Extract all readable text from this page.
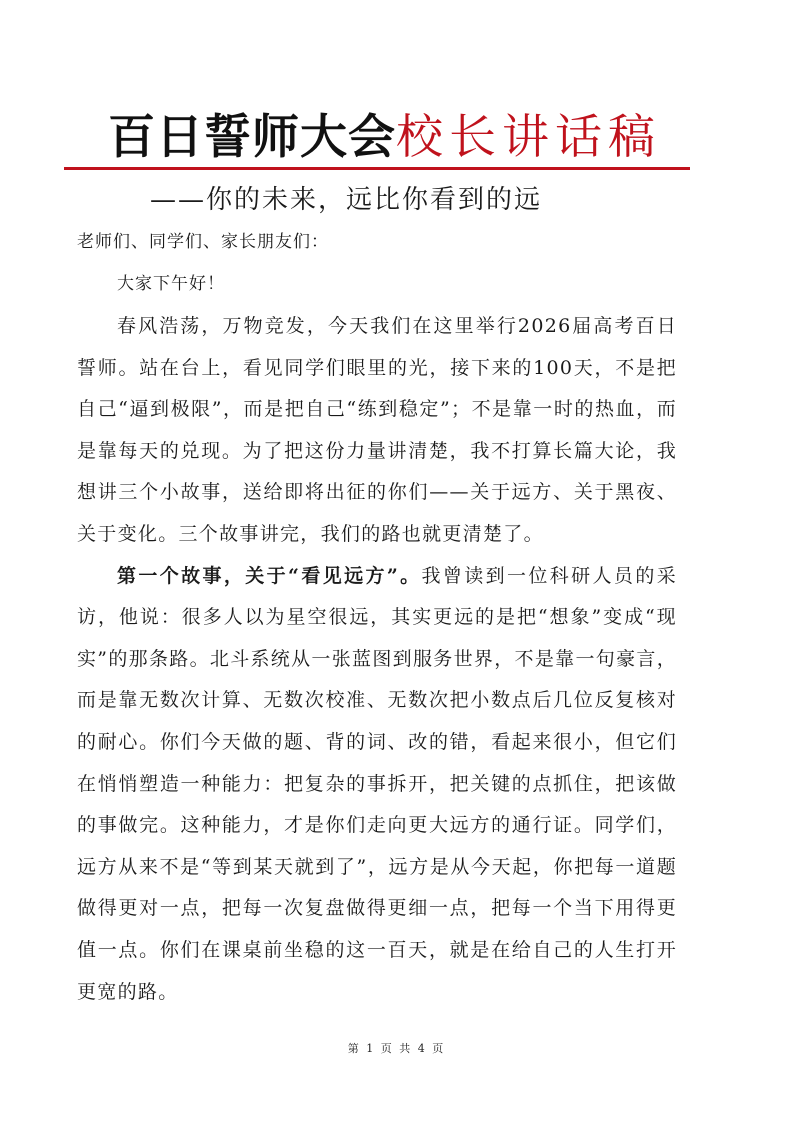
百日誓师大会校长讲话稿
——你的未来，远比你看到的远

老师们、同学们、家长朋友们：

大家下午好！

春风浩荡，万物竞发，今天我们在这里举行2026届高考百日誓师。站在台上，看见同学们眼里的光，接下来的100天，不是把自己“逼到极限”，而是把自己“练到稳定”；不是靠一时的热血，而是靠每天的兑现。为了把这份力量讲清楚，我不打算长篇大论，我想讲三个小故事，送给即将出征的你们——关于远方、关于黑夜、关于变化。三个故事讲完，我们的路也就更清楚了。

第一个故事，关于“看见远方”。我曾读到一位科研人员的采访，他说：很多人以为星空很远，其实更远的是把“想象”变成“现实”的那条路。北斗系统从一张蓝图到服务世界，不是靠一句豪言，而是靠无数次计算、无数次校准、无数次把小数点后几位反复核对的耐心。你们今天做的题、背的词、改的错，看起来很小，但它们在悄悄塑造一种能力：把复杂的事拆开，把关键的点抓住，把该做的事做完。这种能力，才是你们走向更大远方的通行证。同学们，远方从来不是“等到某天就到了”，远方是从今天起，你把每一道题做得更对一点，把每一次复盘做得更细一点，把每一个当下用得更值一点。你们在课桌前坐稳的这一百天，就是在给自己的人生打开更宽的路。

第 1 页 共 4 页
